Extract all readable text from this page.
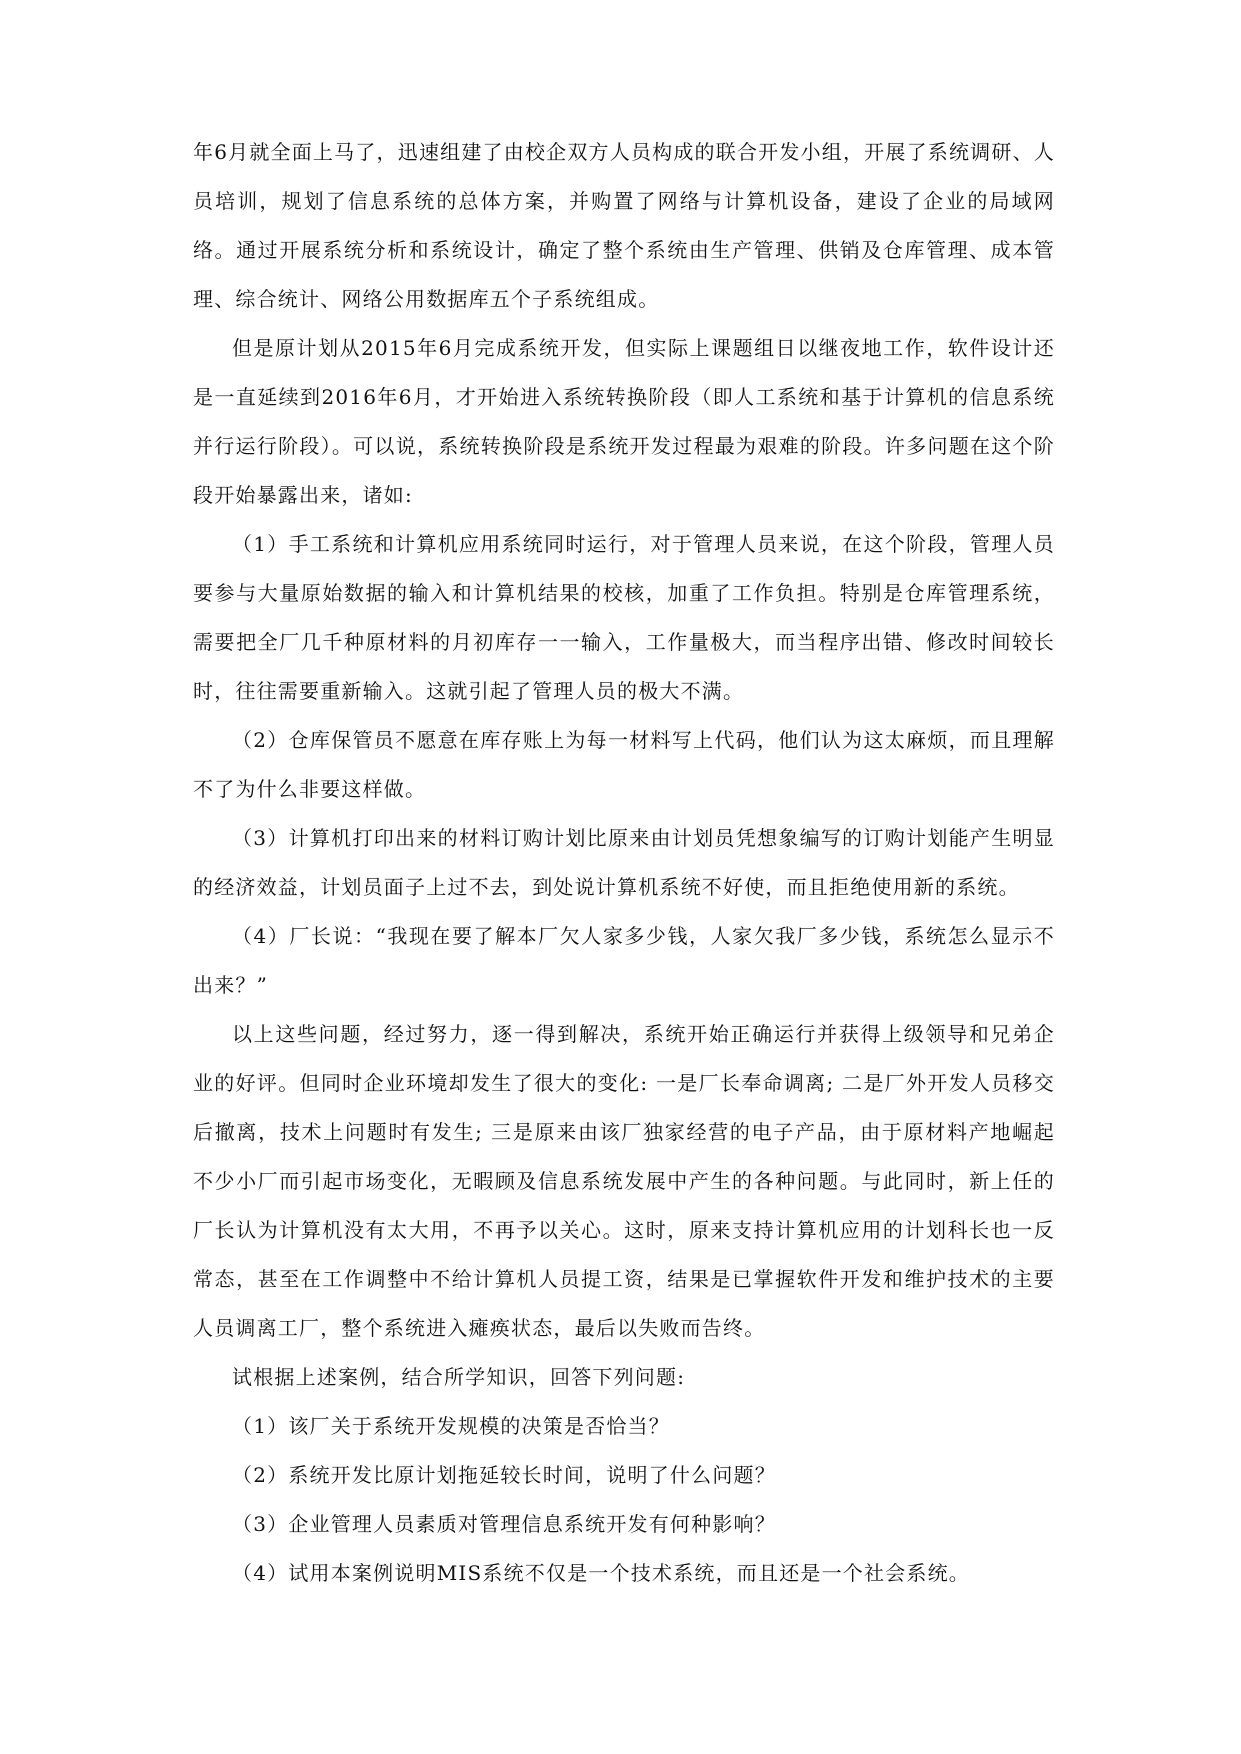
年6月就全面上马了，迅速组建了由校企双方人员构成的联合开发小组，开展了系统调研、人员培训，规划了信息系统的总体方案，并购置了网络与计算机设备，建设了企业的局域网络。通过开展系统分析和系统设计，确定了整个系统由生产管理、供销及仓库管理、成本管理、综合统计、网络公用数据库五个子系统组成。

但是原计划从2015年6月完成系统开发，但实际上课题组日以继夜地工作，软件设计还是一直延续到2016年6月，才开始进入系统转换阶段（即人工系统和基于计算机的信息系统并行运行阶段）。可以说，系统转换阶段是系统开发过程最为艰难的阶段。许多问题在这个阶段开始暴露出来，诸如:

（1）手工系统和计算机应用系统同时运行，对于管理人员来说，在这个阶段，管理人员要参与大量原始数据的输入和计算机结果的校核，加重了工作负担。特别是仓库管理系统，需要把全厂几千种原材料的月初库存一一输入，工作量极大，而当程序出错、修改时间较长时，往往需要重新输入。这就引起了管理人员的极大不满。

（2）仓库保管员不愿意在库存账上为每一材料写上代码，他们认为这太麻烦，而且理解不了为什么非要这样做。

（3）计算机打印出来的材料订购计划比原来由计划员凭想象编写的订购计划能产生明显的经济效益，计划员面子上过不去，到处说计算机系统不好使，而且拒绝使用新的系统。

（4）厂长说：“我现在要了解本厂欠人家多少钱，人家欠我厂多少钱，系统怎么显示不出来？”

以上这些问题，经过努力，逐一得到解决，系统开始正确运行并获得上级领导和兄弟企业的好评。但同时企业环境却发生了很大的变化: 一是厂长奉命调离; 二是厂外开发人员移交后撤离，技术上问题时有发生; 三是原来由该厂独家经营的电子产品，由于原材料产地崛起不少小厂而引起市场变化，无暇顾及信息系统发展中产生的各种问题。与此同时，新上任的厂长认为计算机没有太大用，不再予以关心。这时，原来支持计算机应用的计划科长也一反常态，甚至在工作调整中不给计算机人员提工资，结果是已掌握软件开发和维护技术的主要人员调离工厂，整个系统进入瘫痪状态，最后以失败而告终。

试根据上述案例，结合所学知识，回答下列问题:

（1）该厂关于系统开发规模的决策是否恰当？

（2）系统开发比原计划拖延较长时间，说明了什么问题？

（3）企业管理人员素质对管理信息系统开发有何种影响？

（4）试用本案例说明MIS系统不仅是一个技术系统，而且还是一个社会系统。
